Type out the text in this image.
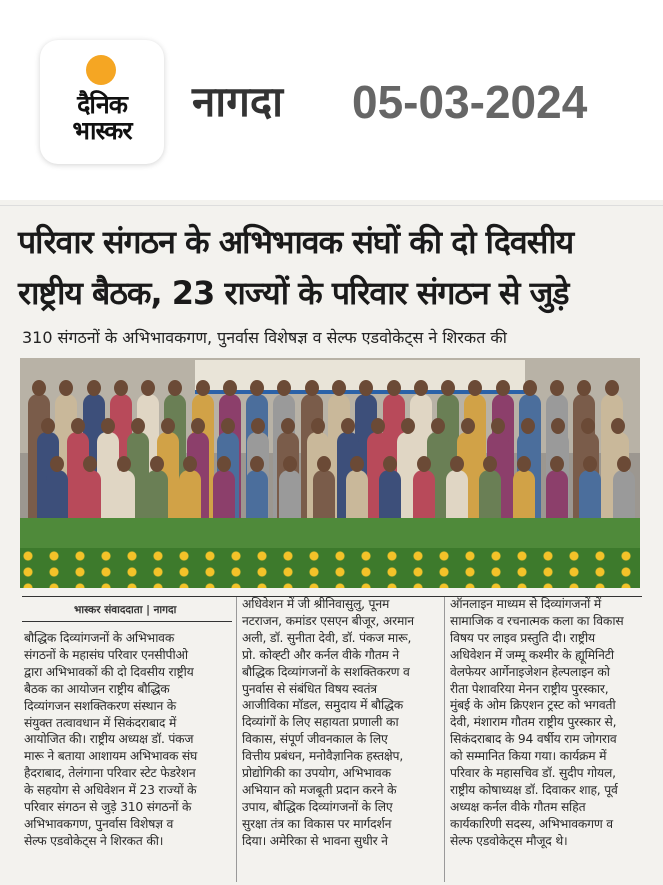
दैनिक
भास्कर
नागदा 05-03-2024
परिवार संगठन के अभिभावक संघों की दो दिवसीय
राष्ट्रीय बैठक, 23 राज्यों के परिवार संगठन से जुड़े
310 संगठनों के अभिभावकगण, पुनर्वास विशेषज्ञ व सेल्फ एडवोकेट्स ने शिरकत की
भास्कर संवाददाता | नागदा
बौद्धिक दिव्यांगजनों के अभिभावक
संगठनों के महासंघ परिवार एनसीपीओ
द्वारा अभिभावकों की दो दिवसीय राष्ट्रीय
बैठक का आयोजन राष्ट्रीय बौद्धिक
दिव्यांगजन सशक्तिकरण संस्थान के
संयुक्त तत्वावधान में सिकंदराबाद में
आयोजित की। राष्ट्रीय अध्यक्ष डॉ. पंकज
मारू ने बताया आशायम अभिभावक संघ
हैदराबाद, तेलंगाना परिवार स्टेट फेडरेशन
के सहयोग से अधिवेशन में 23 राज्यों के
परिवार संगठन से जुड़े 310 संगठनों के
अभिभावकगण, पुनर्वास विशेषज्ञ व
सेल्फ एडवोकेट्स ने शिरकत की।
अधिवेशन में जी श्रीनिवासुलु, पूनम
नटराजन, कमांडर एसएन बीजूर, अरमान
अली, डॉ. सुनीता देवी, डॉ. पंकज मारू,
प्रो. कोव्ह्टी और कर्नल वीके गौतम ने
बौद्धिक दिव्यांगजनों के सशक्तिकरण व
पुनर्वास से संबंधित विषय स्वतंत्र
आजीविका मॉडल, समुदाय में बौद्धिक
दिव्यांगों के लिए सहायता प्रणाली का
विकास, संपूर्ण जीवनकाल के लिए
वित्तीय प्रबंधन, मनोवैज्ञानिक हस्तक्षेप,
प्रोद्योगिकी का उपयोग, अभिभावक
अभियान को मजबूती प्रदान करने के
उपाय, बौद्धिक दिव्यांगजनों के लिए
सुरक्षा तंत्र का विकास पर मार्गदर्शन
दिया। अमेरिका से भावना सुधीर ने
ऑनलाइन माध्यम से दिव्यांगजनों में
सामाजिक व रचनात्मक कला का विकास
विषय पर लाइव प्रस्तुति दी। राष्ट्रीय
अधिवेशन में जम्मू कश्मीर के ह्यूमिनिटी
वेलफेयर आर्गेनाइजेशन हेल्पलाइन को
रीता पेशावरिया मेनन राष्ट्रीय पुरस्कार,
मुंबई के ओम क्रिएशन ट्रस्ट को भगवती
देवी, मंशाराम गौतम राष्ट्रीय पुरस्कार से,
सिकंदराबाद के 94 वर्षीय राम जोगराव
को सम्मानित किया गया। कार्यक्रम में
परिवार के महासचिव डॉ. सुदीप गोयल,
राष्ट्रीय कोषाध्यक्ष डॉ. दिवाकर शाह, पूर्व
अध्यक्ष कर्नल वीके गौतम सहित
कार्यकारिणी सदस्य, अभिभावकगण व
सेल्फ एडवोकेट्स मौजूद थे।
